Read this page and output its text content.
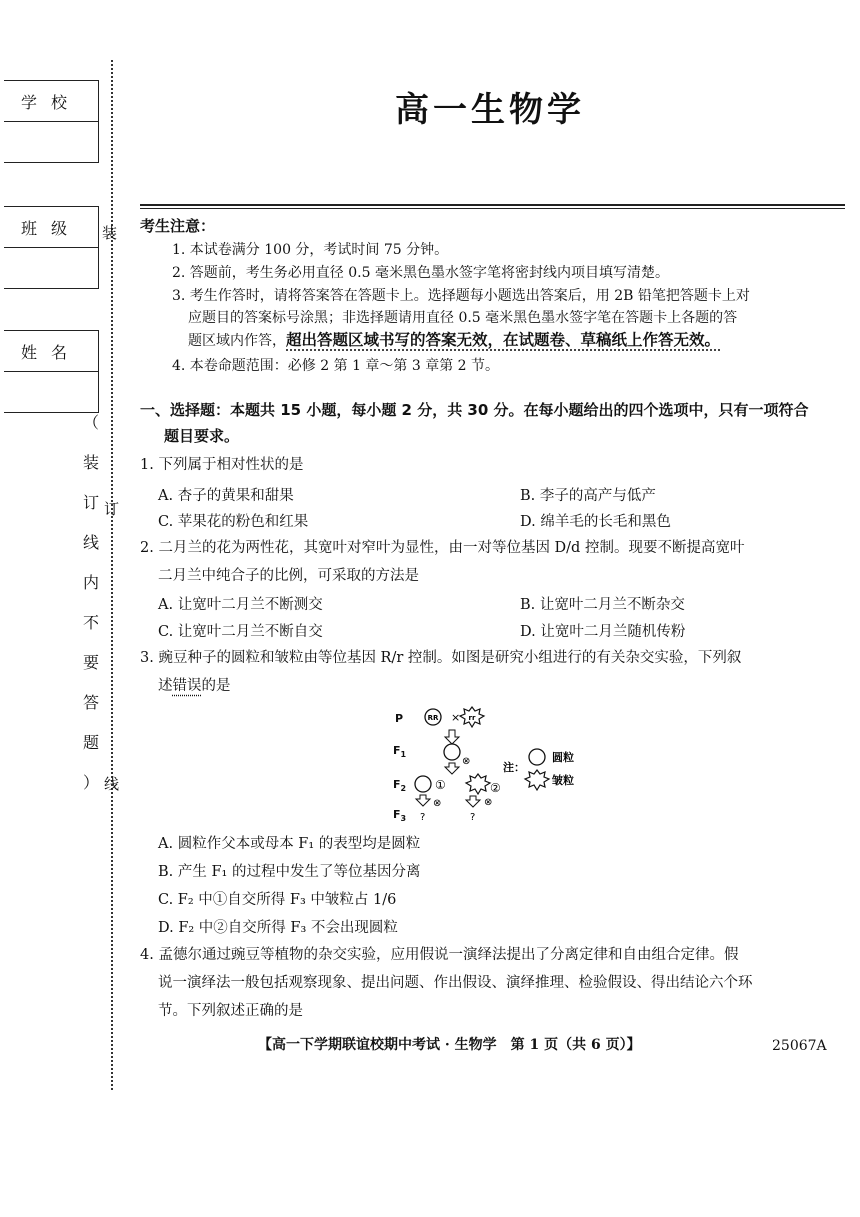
学校
班级
姓名
装
订
线
（
装
订
线
内
不
要
答
题
）
高一生物学
考生注意：
1. 本试卷满分 100 分，考试时间 75 分钟。
2. 答题前，考生务必用直径 0.5 毫米黑色墨水签字笔将密封线内项目填写清楚。
3. 考生作答时，请将答案答在答题卡上。选择题每小题选出答案后，用 2B 铅笔把答题卡上对
应题目的答案标号涂黑；非选择题请用直径 0.5 毫米黑色墨水签字笔在答题卡上各题的答
题区域内作答，超出答题区域书写的答案无效，在试题卷、草稿纸上作答无效。
4. 本卷命题范围：必修 2 第 1 章～第 3 章第 2 节。
一、选择题：本题共 15 小题，每小题 2 分，共 30 分。在每小题给出的四个选项中，只有一项符合
题目要求。
1. 下列属于相对性状的是
A. 杏子的黄果和甜果	B. 李子的高产与低产
C. 苹果花的粉色和红果	D. 绵羊毛的长毛和黑色
2. 二月兰的花为两性花，其宽叶对窄叶为显性，由一对等位基因 D/d 控制。现要不断提高宽叶
二月兰中纯合子的比例，可采取的方法是
A. 让宽叶二月兰不断测交	B. 让宽叶二月兰不断杂交
C. 让宽叶二月兰不断自交	D. 让宽叶二月兰随机传粉
3. 豌豆种子的圆粒和皱粒由等位基因 R/r 控制。如图是研究小组进行的有关杂交实验，下列叙
述错误的是
P
$F_1$
$F_2$
$F_3$
RR × rr
⊗
①
⊗
?
②
⊗
?
注：
圆粒
皱粒
A. 圆粒作父本或母本 F₁ 的表型均是圆粒
B. 产生 F₁ 的过程中发生了等位基因分离
C. F₂ 中①自交所得 F₃ 中皱粒占 1/6
D. F₂ 中②自交所得 F₃ 不会出现圆粒
4. 孟德尔通过豌豆等植物的杂交实验，应用假说一演绎法提出了分离定律和自由组合定律。假
说一演绎法一般包括观察现象、提出问题、作出假设、演绎推理、检验假设、得出结论六个环
节。下列叙述正确的是
【高一下学期联谊校期中考试 · 生物学　第 1 页（共 6 页）】	25067A
